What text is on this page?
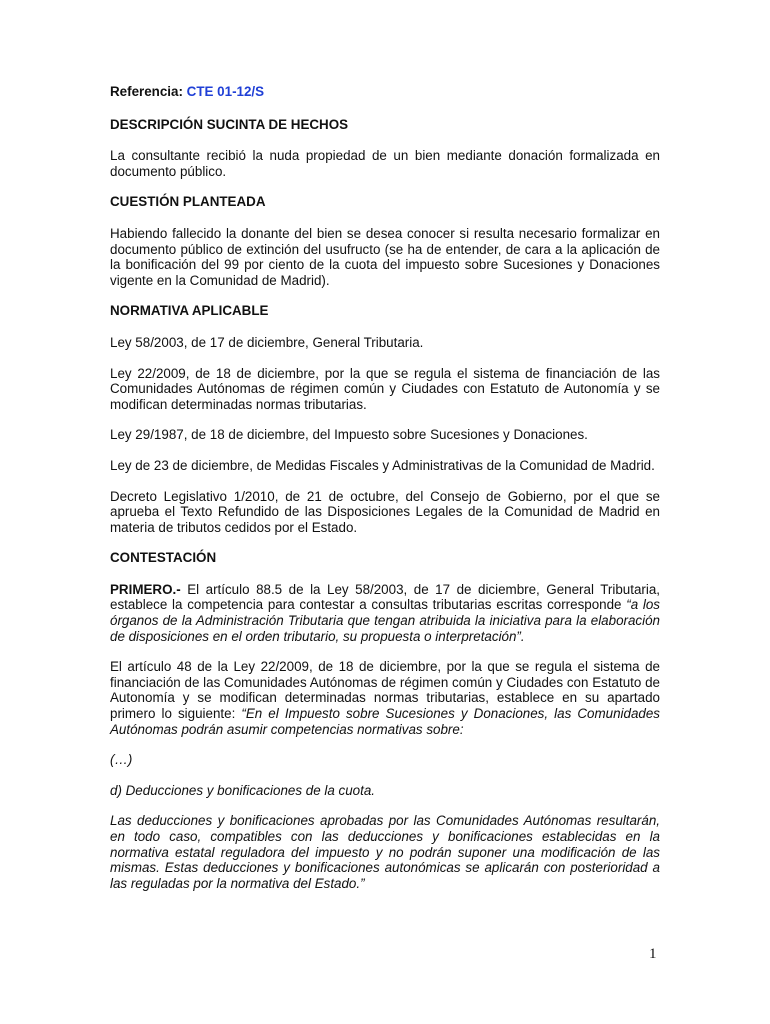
Referencia: CTE 01-12/S

DESCRIPCIÓN SUCINTA DE HECHOS

La consultante recibió la nuda propiedad de un bien mediante donación formalizada en documento público.

CUESTIÓN PLANTEADA

Habiendo fallecido la donante del bien se desea conocer si resulta necesario formalizar en documento público de extinción del usufructo (se ha de entender, de cara a la aplicación de la bonificación del 99 por ciento de la cuota del impuesto sobre Sucesiones y Donaciones vigente en la Comunidad de Madrid).

NORMATIVA APLICABLE

Ley 58/2003, de 17 de diciembre, General Tributaria.

Ley 22/2009, de 18 de diciembre, por la que se regula el sistema de financiación de las Comunidades Autónomas de régimen común y Ciudades con Estatuto de Autonomía y se modifican determinadas normas tributarias.

Ley 29/1987, de 18 de diciembre, del Impuesto sobre Sucesiones y Donaciones.

Ley de 23 de diciembre, de Medidas Fiscales y Administrativas de la Comunidad de Madrid.

Decreto Legislativo 1/2010, de 21 de octubre, del Consejo de Gobierno, por el que se aprueba el Texto Refundido de las Disposiciones Legales de la Comunidad de Madrid en materia de tributos cedidos por el Estado.

CONTESTACIÓN

PRIMERO.- El artículo 88.5 de la Ley 58/2003, de 17 de diciembre, General Tributaria, establece la competencia para contestar a consultas tributarias escritas corresponde “a los órganos de la Administración Tributaria que tengan atribuida la iniciativa para la elaboración de disposiciones en el orden tributario, su propuesta o interpretación”.

El artículo 48 de la Ley 22/2009, de 18 de diciembre, por la que se regula el sistema de financiación de las Comunidades Autónomas de régimen común y Ciudades con Estatuto de Autonomía y se modifican determinadas normas tributarias, establece en su apartado primero lo siguiente: “En el Impuesto sobre Sucesiones y Donaciones, las Comunidades Autónomas podrán asumir competencias normativas sobre:

(…)

d) Deducciones y bonificaciones de la cuota.

Las deducciones y bonificaciones aprobadas por las Comunidades Autónomas resultarán, en todo caso, compatibles con las deducciones y bonificaciones establecidas en la normativa estatal reguladora del impuesto y no podrán suponer una modificación de las mismas. Estas deducciones y bonificaciones autonómicas se aplicarán con posterioridad a las reguladas por la normativa del Estado.”

1
